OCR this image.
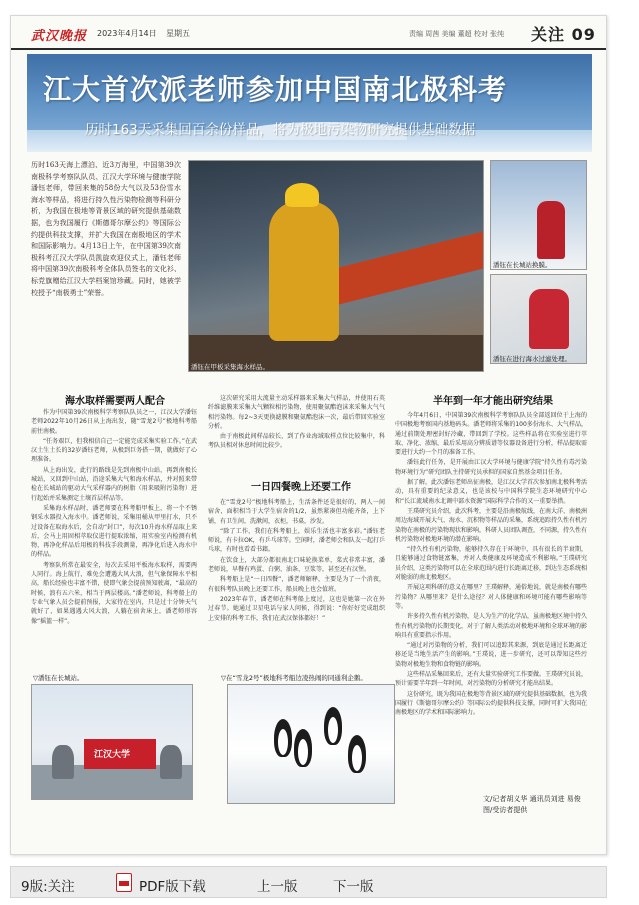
武汉晚报 2023年4月14日 星期五	责编 周茜 美编 董超 校对 张纯 关注 09
江大首次派老师参加中国南北极科考
历时163天采集回百余份样品，将为极地污染物研究提供基础数据
历时163天海上漂泊、近3万海里，中国第39次南极科学考察队队员、江汉大学环境与健康学院潘钰老师，带回来集的58份大气以及53份雪水海水等样品，将进行持久性污染物检测等科研分析，为我国在极地等背景区域的研究提供基础数据，也为我国履行《斯德哥尔摩公约》等国际公约提供科技支撑，并扩大我国在南极地区的学术和国际影响力。4月13日上午，在中国第39次南极科考江汉大学队员凯旋欢迎仪式上，潘钰老师将中国第39次南极科考全体队员签名的文化衫、标党旗赠给江汉大学档案馆珍藏。同时，她被学校授予“南极勇士”荣誉。
潘钰在甲板采集海水样品。
潘钰在长城站换膜。
潘钰在进行海水过滤处理。
海水取样需要两人配合

作为中国第39次南极科学考察队队员之一，江汉大学潘钰老师2022年10月26日从上海出发，随“雪龙2号”极地科考船前往南极。

“任务艰巨，但我相信自己一定能完成采集实验工作。”在武汉土生土长的32岁潘钰老师，从极到巨务搭一期，就做好了心理准备。

从上海出发，此行的路线是先到南极中山站，再到南极长城站，又回到中山站，沿途采集大气和海水样品，并对照来带检在长城站的驱动大气采样器内的树脂（用来吸附污染物）进行起始并采集测定土壤首层样品等。

采集海水样品时，潘老师要在科考船甲板上，将一个不锈钢采水器投入海水中。潘老师说，采集用桶从甲里打水，只不过设备在取海水后，会自动“封口”，每次10升海水样品取上来后，会马上用固相萃取仪进行提取浓缩，用实验室内检测有机物，再净化样品后用极的科技手段测量，再净化后进入海水中的样品。

考察队所常在最安全，每次去采用平板海水取样，需要两人同行。海上航行，难免会遭遇大风大浪，但气象保障水平相高，船长经验也丰富不错，使即气象会提前预知驶离，“最高的时候，浪有五六米，相当于两层楼高。”潘老师说，科考船上的专业气象人员会提前预报，大家待在室内，只是过十分钟天气就好了，如果遇遇大风大浪，人躺在宿舍床上，潘老师形容像“摇篮一样”。

这次研究采用大流量主动采样器来采集大气样品，并使用石英纤维滤膜来采集大气颗粒相污染物，使用聚氨酯泡沫来采集大气气相污染物。每2~3天更换滤膜和聚氨酯泡沫一次，最后带回实验室分析。

由于南极此间样品较长，到了作业海域取样点位比较集中，科考队员相对休息时间比较少。

一日四餐晚上还要工作

在“雪龙2号”极地科考船上，生活条件还是很好的，两人一间宿舍，面积相当于大学生宿舍的1/2，虽然紧凑但功能齐备，上下铺，有卫生间，洗漱间，衣柜，书桌，沙发。

“除了工作，我们在科考船上，娱乐生活也丰富多彩。”潘钰老师说，有卡拉OK，有乒乓球等。空闲时，潘老师会和队友一起打乒乓球，有时也看看书籍。

在饮食上，大部分都很南北口味轮换菜单，菜式非常丰富，潘老师说，早餐有鸡蛋、白粥、油条、豆浆等，甚至还有汉堡。

科考船上是“一日四餐”，潘老师解释，主要是为了一个消夜，有很科考队员晚上还要工作，船员晚上也会值班。

2023年春节，潘老师在科考船上度过，这也是她第一次在外过春节。她通过卫星电话与家人问候，得到说：“你好好完成组织上安排的科考工作，我们在武汉保体都好！”

半年到一年才能出研究结果

今年4月6日，中国第39次南极科学考察队队员全部返回位于上海的中国极地考察国内基地码头。潘老师将采集的100多份海水、大气样品，通过前期处理密封好冷藏，带回到了学校。这些样品将在实验室进行萃取、净化、浓缩，最后采用高分辨质谱等仪器设备进行分析，样品提取需要进行大约一个月的准备工作。

潘钰此行任务，是开展由江汉大学环境与健康学院“持久性有毒污染物环境行为”研究团队主持研究员承担的国家自然基金项目任务。

据了解，此次潘钰老师出征南极，是江汉大学首次参加南北极科考活动，具有重要的纪录意义，也是该校与中国科学院生态环境研究中心和“长江流域南水北调中部水资源”国际科学合作的又一重要举措。

王璞研究员介绍，此次科考，主要是沿南极航线，在南大洋、南极洲周边海域开展大气、海水、沉积物等样品的采集，系统追踪持久性有机污染物在南极的污染物现状和影响，科研人员团队调查，不同源，持久性有机污染物对极地环境的潜在影响。

“持久性有机污染物，能够持久存在于环境中，具有很长的半衰期，且能够通过食物链富集，并对人类健康及环境造成不利影响。”王璞研究员介绍，这类污染物可以在全球范围内进行长距离迁移，到达生态系统相对脆弱的南北极地区。

开展这项科研的意义在哪里？王璞解释，通俗地说，就是南极有哪些污染物？从哪里来？是什么途径？对人体健康和环境可能有哪些影响等等。

许多持久性有机污染物，是人为生产的化学品，虽南极地区境中持久性有机污染物的长期变化，对于了解人类活动对极地环境和全球环境的影响具有重要指示作用。

“通过对污染物的分析，我们可以追踪其来源，到底是通过长距离迁移还是当地生活产生的影响。”王璞说，进一步研究，还可以帮知这些污染物对极地生物和食物链的影响。

这些样品采集回来后，还有大量实验研究工作要做。王璞研究员说，预计需要半年到一年时间，对污染物的分析研究才能出结果。

这份研究，既为我国在极地等背景区域的研究提供基础数据，也为我国履行《斯德哥尔摩公约》等国际公约提供科技支撑，同时可扩大我国在南极地区的学术和国际影响力。

文/记者胡义华 通讯员刘进 易俊
图/受访者提供
▽潘钰在长城站。
江汉大学
▽在“雪龙2号”极地科考船边凌热闹的同通利企鹅。
9版:关注	PDF版下载	上一版	下一版
